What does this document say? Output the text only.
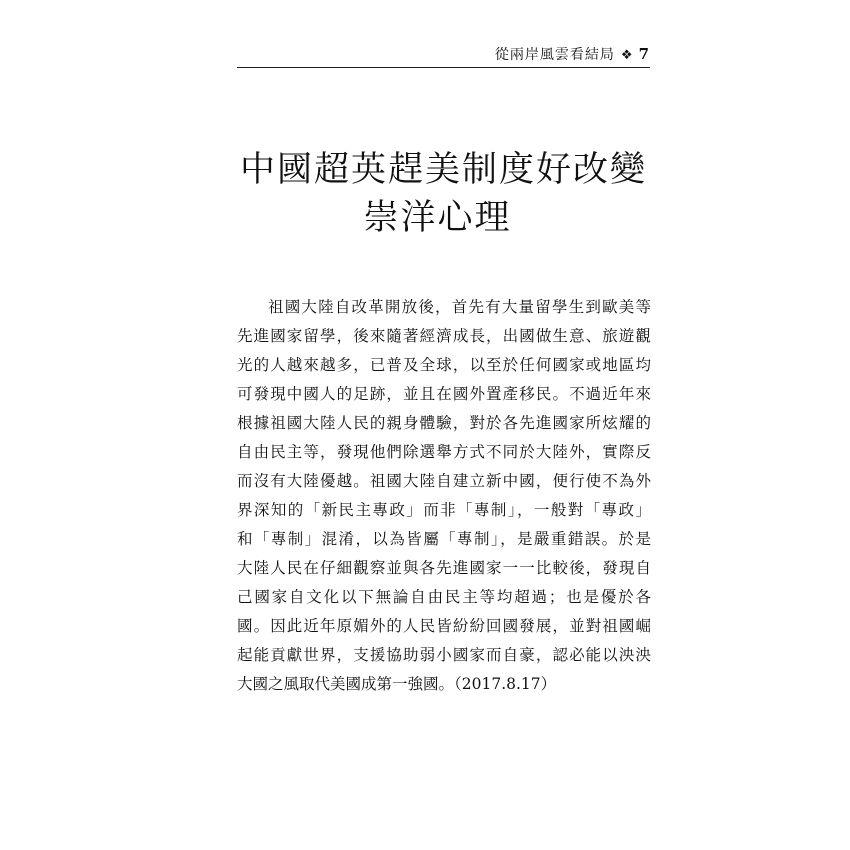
從兩岸風雲看結局 ❖ 7
中國超英趕美制度好改變
崇洋心理
祖國大陸自改革開放後，首先有大量留學生到歐美等
先進國家留學，後來隨著經濟成長，出國做生意、旅遊觀
光的人越來越多，已普及全球，以至於任何國家或地區均
可發現中國人的足跡，並且在國外置產移民。不過近年來
根據祖國大陸人民的親身體驗，對於各先進國家所炫耀的
自由民主等，發現他們除選舉方式不同於大陸外，實際反
而沒有大陸優越。祖國大陸自建立新中國，便行使不為外
界深知的「新民主專政」而非「專制」，一般對「專政」
和「專制」混淆，以為皆屬「專制」，是嚴重錯誤。於是
大陸人民在仔細觀察並與各先進國家一一比較後，發現自
己國家自文化以下無論自由民主等均超過；也是優於各
國。因此近年原媚外的人民皆紛紛回國發展，並對祖國崛
起能貢獻世界，支援協助弱小國家而自豪，認必能以泱泱
大國之風取代美國成第一強國。（2017.8.17）
